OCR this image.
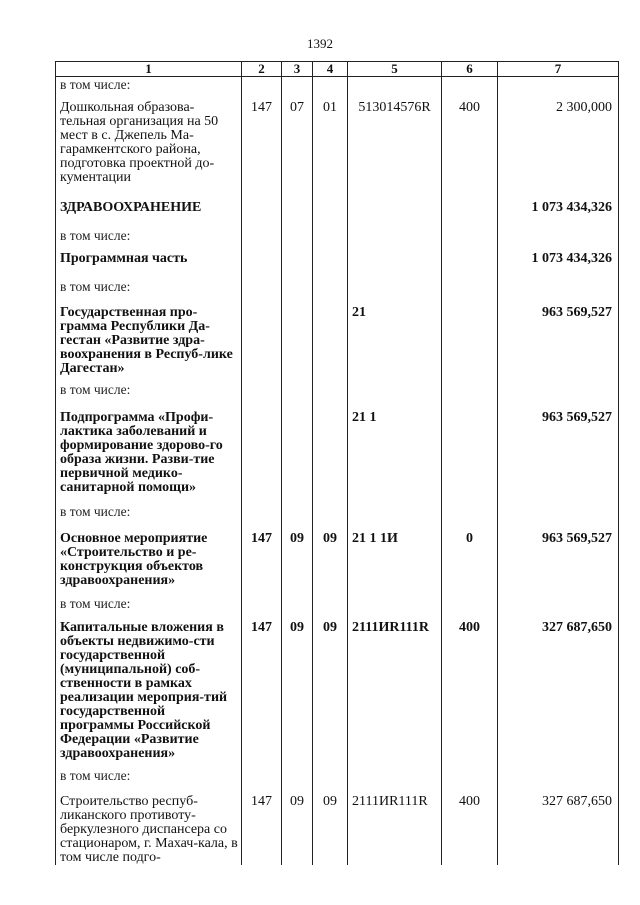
1392
1	2	3	4	5	6	7
в том числе:						
Дошкольная образова-тельная организация на 50 мест в с. Джепель Ма-гарамкентского района, подготовка проектной до-кументации	147	07	01	513014576R	400	2 300,000
ЗДРАВООХРАНЕНИЕ						1 073 434,326
в том числе:						
Программная часть						1 073 434,326
в том числе:						
Государственная про-грамма Республики Да-гестан «Развитие здра-воохранения в Респуб-лике Дагестан»				21		963 569,527
в том числе:						
Подпрограмма «Профи-лактика заболеваний и формирование здорово-го образа жизни. Разви-тие первичной медико-санитарной помощи»				21 1		963 569,527
в том числе:						
Основное мероприятие «Строительство и ре-конструкция объектов здравоохранения»	147	09	09	21 1 1И	0	963 569,527
в том числе:						
Капитальные вложения в объекты недвижимо-сти государственной (муниципальной) соб-ственности в рамках реализации мероприя-тий государственной программы Российской Федерации «Развитие здравоохранения»	147	09	09	2111ИR111R	400	327 687,650
в том числе:						
Строительство респуб-ликанского противоту-беркулезного диспансера со стационаром, г. Махач-кала, в том числе подго-	147	09	09	2111ИR111R	400	327 687,650
